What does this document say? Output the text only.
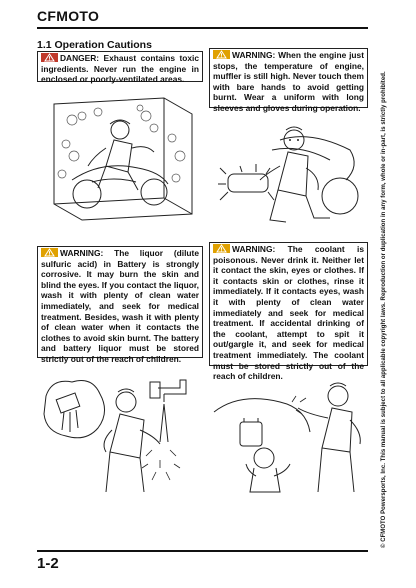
CFMOTO
1.1 Operation Cautions
DANGER: Exhaust contains toxic ingredients. Never run the engine in enclosed or poorly-ventilated areas.
WARNING: When the engine just stops, the temperature of engine, muffler is still high. Never touch them with bare hands to avoid getting burnt. Wear a uniform with long sleeves and gloves during operation.
WARNING: The liquor (dilute sulfuric acid) in Battery is strongly corrosive. It may burn the skin and blind the eyes. If you contact the liquor, wash it with plenty of clean water immediately, and seek for medical treatment. Besides, wash it with plenty of clean water when it contacts the clothes to avoid skin burnt. The battery and battery liquor must be stored strictly out of the reach of children.
WARNING: The coolant is poisonous. Never drink it. Neither let it contact the skin, eyes or clothes. If it contacts skin or clothes, rinse it immediately. If it contacts eyes, wash it with plenty of clean water immediately and seek for medical treatment. If accidental drinking of the coolant, attempt to spit it out/gargle it, and seek for medical treatment immediately. The coolant must be stored strictly out of the reach of children.	© CFMOTO Powersports, Inc. This manual is subject to all applicable copyright laws. Reproduction or duplication in any form, whole or in-part, is strictly prohibited.
1-2
